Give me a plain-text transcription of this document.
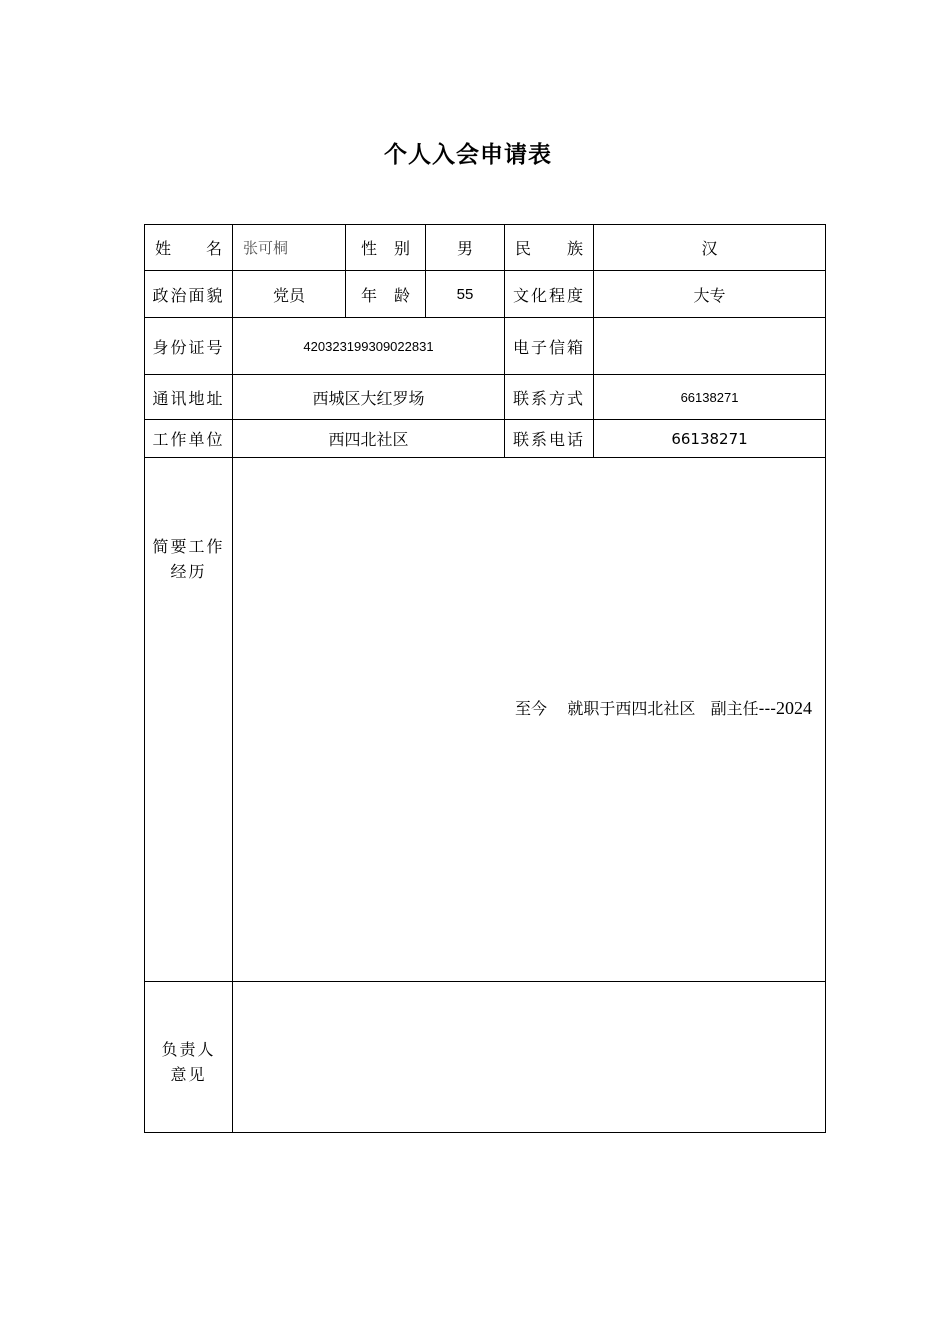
个人入会申请表
姓 名	张可桐	性 别	男	民 族	汉
政治面貌	党员	年 龄	55	文化程度	大专
身份证号	420323199309022831			电子信箱	
通讯地址	西城区大红罗场			联系方式	66138271
工作单位	西四北社区			联系电话	66138271

简要工作
经历	至今 就职于西四北社区 副主任---2024				

负责人
意见					
